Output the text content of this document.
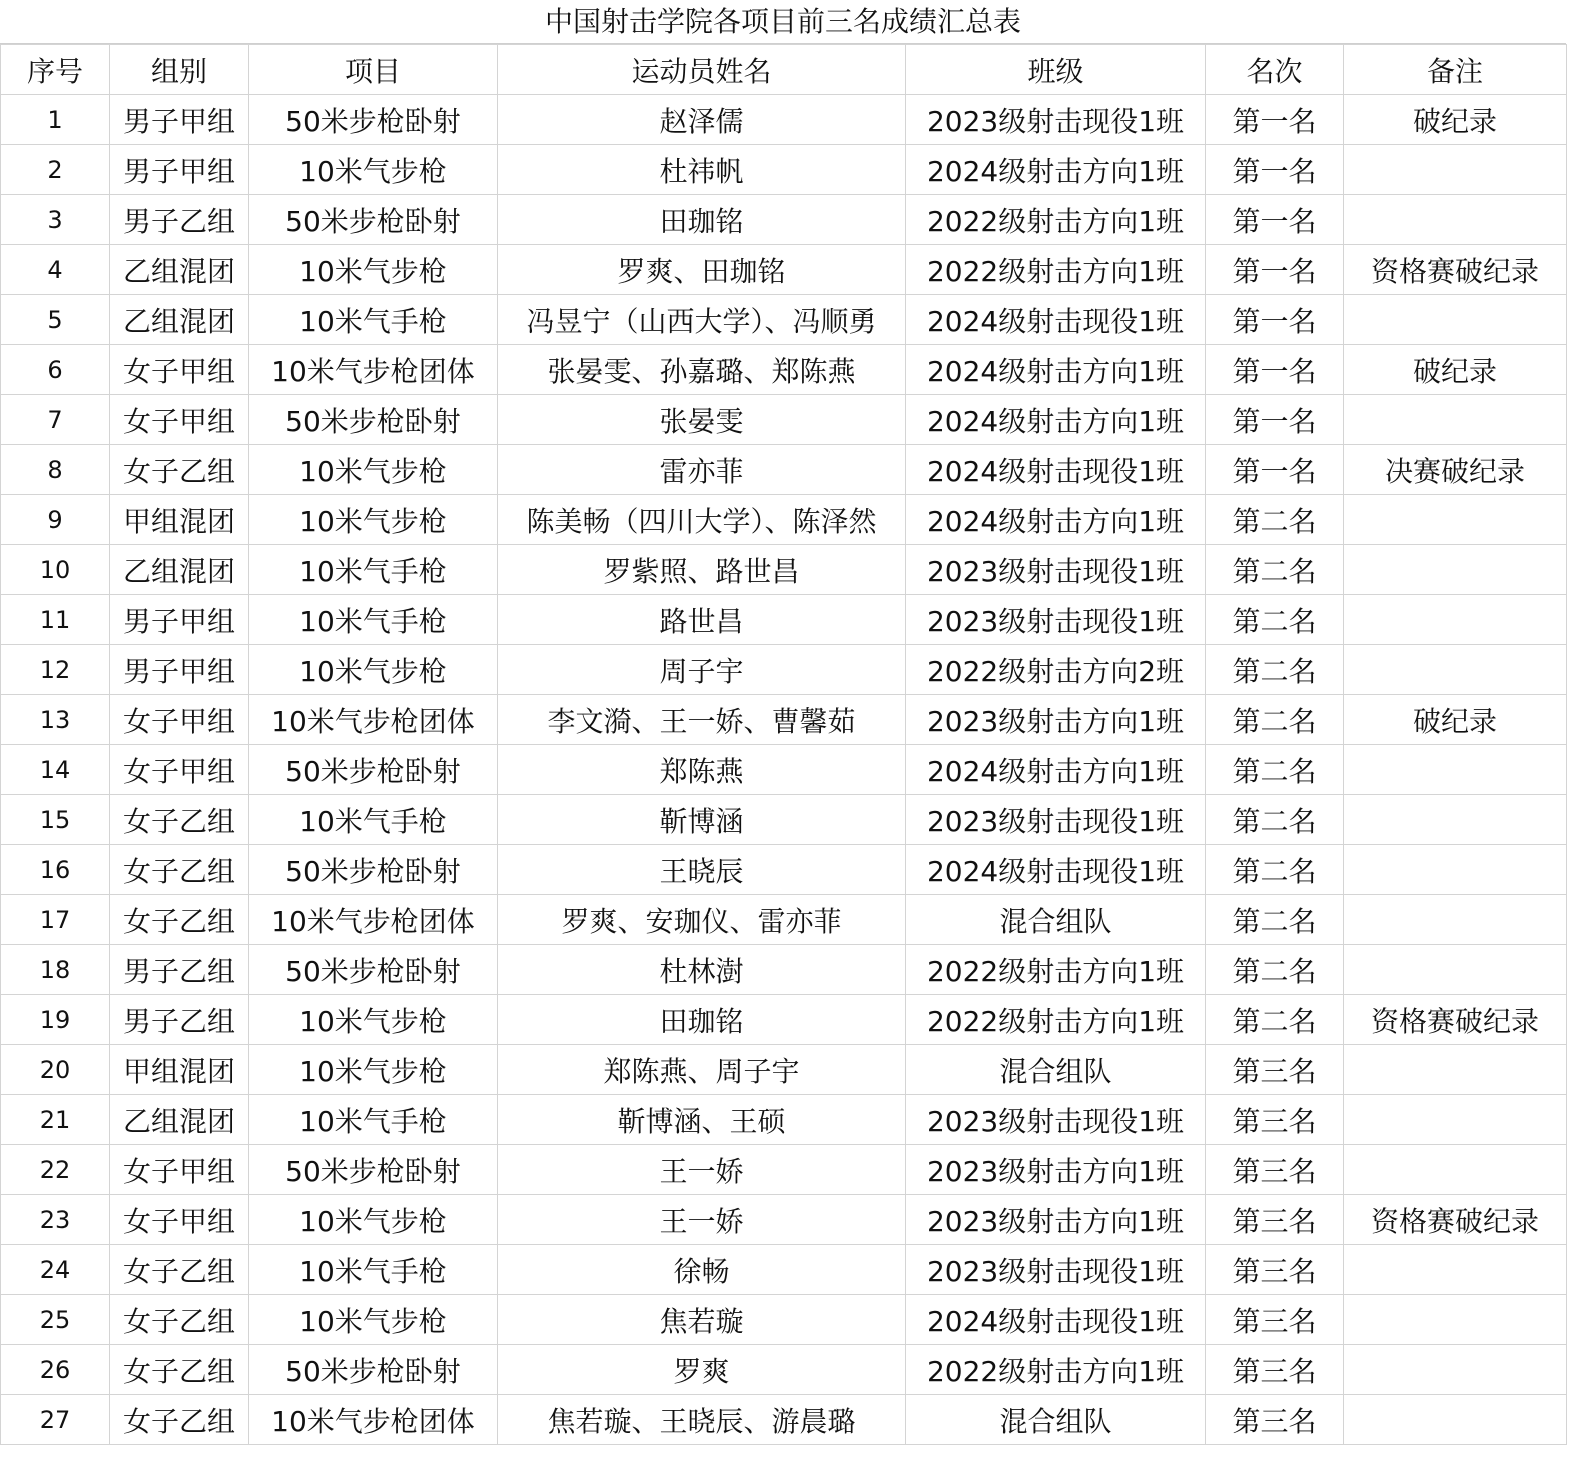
中国射击学院各项目前三名成绩汇总表
序号	组别	项目	运动员姓名	班级	名次	备注
1	男子甲组	50米步枪卧射	赵泽儒	2023级射击现役1班	第一名	破纪录
2	男子甲组	10米气步枪	杜祎帆	2024级射击方向1班	第一名	
3	男子乙组	50米步枪卧射	田珈铭	2022级射击方向1班	第一名	
4	乙组混团	10米气步枪	罗爽、田珈铭	2022级射击方向1班	第一名	资格赛破纪录
5	乙组混团	10米气手枪	冯昱宁（山西大学）、冯顺勇	2024级射击现役1班	第一名	
6	女子甲组	10米气步枪团体	张晏雯、孙嘉璐、郑陈燕	2024级射击方向1班	第一名	破纪录
7	女子甲组	50米步枪卧射	张晏雯	2024级射击方向1班	第一名	
8	女子乙组	10米气步枪	雷亦菲	2024级射击现役1班	第一名	决赛破纪录
9	甲组混团	10米气步枪	陈美畅（四川大学）、陈泽然	2024级射击方向1班	第二名	
10	乙组混团	10米气手枪	罗紫照、路世昌	2023级射击现役1班	第二名	
11	男子甲组	10米气手枪	路世昌	2023级射击现役1班	第二名	
12	男子甲组	10米气步枪	周子宇	2022级射击方向2班	第二名	
13	女子甲组	10米气步枪团体	李文漪、王一娇、曹馨茹	2023级射击方向1班	第二名	破纪录
14	女子甲组	50米步枪卧射	郑陈燕	2024级射击方向1班	第二名	
15	女子乙组	10米气手枪	靳博涵	2023级射击现役1班	第二名	
16	女子乙组	50米步枪卧射	王晓辰	2024级射击现役1班	第二名	
17	女子乙组	10米气步枪团体	罗爽、安珈仪、雷亦菲	混合组队	第二名	
18	男子乙组	50米步枪卧射	杜林澍	2022级射击方向1班	第二名	
19	男子乙组	10米气步枪	田珈铭	2022级射击方向1班	第二名	资格赛破纪录
20	甲组混团	10米气步枪	郑陈燕、周子宇	混合组队	第三名	
21	乙组混团	10米气手枪	靳博涵、王硕	2023级射击现役1班	第三名	
22	女子甲组	50米步枪卧射	王一娇	2023级射击方向1班	第三名	
23	女子甲组	10米气步枪	王一娇	2023级射击方向1班	第三名	资格赛破纪录
24	女子乙组	10米气手枪	徐畅	2023级射击现役1班	第三名	
25	女子乙组	10米气步枪	焦若璇	2024级射击现役1班	第三名	
26	女子乙组	50米步枪卧射	罗爽	2022级射击方向1班	第三名	
27	女子乙组	10米气步枪团体	焦若璇、王晓辰、游晨璐	混合组队	第三名	
